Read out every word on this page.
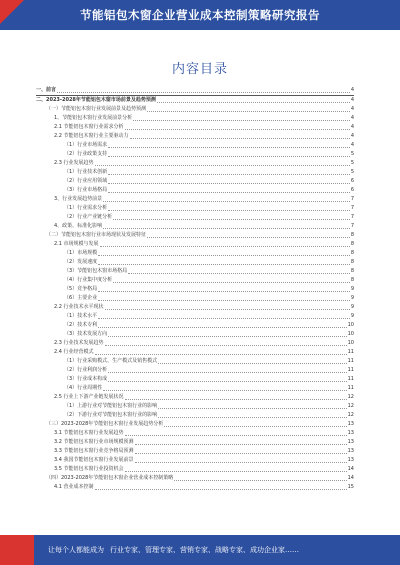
节能铝包木窗企业营业成本控制策略研究报告
内容目录
一、前言	4
二、2023-2028年节能铝包木窗市场前景及趋势预测	4
（一）节能铝包木窗行业发展前景及趋势预测	4
1、节能铝包木窗行业发展前景分析	4
2.1 节能铝包木窗行业需求分析	4
2.2 节能铝包木窗行业主要驱动力	4
（1）行业市场需求	4
（2）行业政策支持	5
2.3 行业发展趋势	5
（1）行业技术创新	5
（2）行业应用领域	6
（3）行业市场格局	6
3、行业发展趋势前景	7
（1）行业需求分析	7
（2）行业产业链分析	7
4、政策、标准化影响	7
（二）节能铝包木窗行业市场现状及发展特征	8
2.1 市场规模与发展	8
（1）市场规模	8
（2）发展速度	8
（3）节能铝包木窗市场格局	8
（4）行业集中度分析	8
（5）竞争格局	9
（6）主要企业	9
2.2 行业技术水平现状	9
（1）技术水平	9
（2）技术专利	10
（3）技术发展方向	10
2.3 行业技术发展趋势	10
2.4 行业经营模式	11
（1）行业采购模式、生产模式及销售模式	11
（2）行业利润分析	11
（3）行业成本构成	11
（4）行业周期性	11
2.5 行业上下游产业链发展状况	12
（1）上游行业对节能铝包木窗行业的影响	12
（2）下游行业对节能铝包木窗行业的影响	12
（三）2023-2028年节能铝包木窗行业发展趋势分析	13
3.1 节能铝包木窗行业发展趋势	13
3.2 节能铝包木窗行业市场规模预测	13
3.3 节能铝包木窗行业竞争格局预测	13
3.4 我国节能铝包木窗行业发展前景	13
3.5 节能铝包木窗行业投资机会	14
（四）2023-2028年节能铝包木窗企业营业成本控制策略	14
4.1 营业成本控制	15
让每个人都能成为 行业专家、管理专家、营销专家、战略专家、成功企业家……
